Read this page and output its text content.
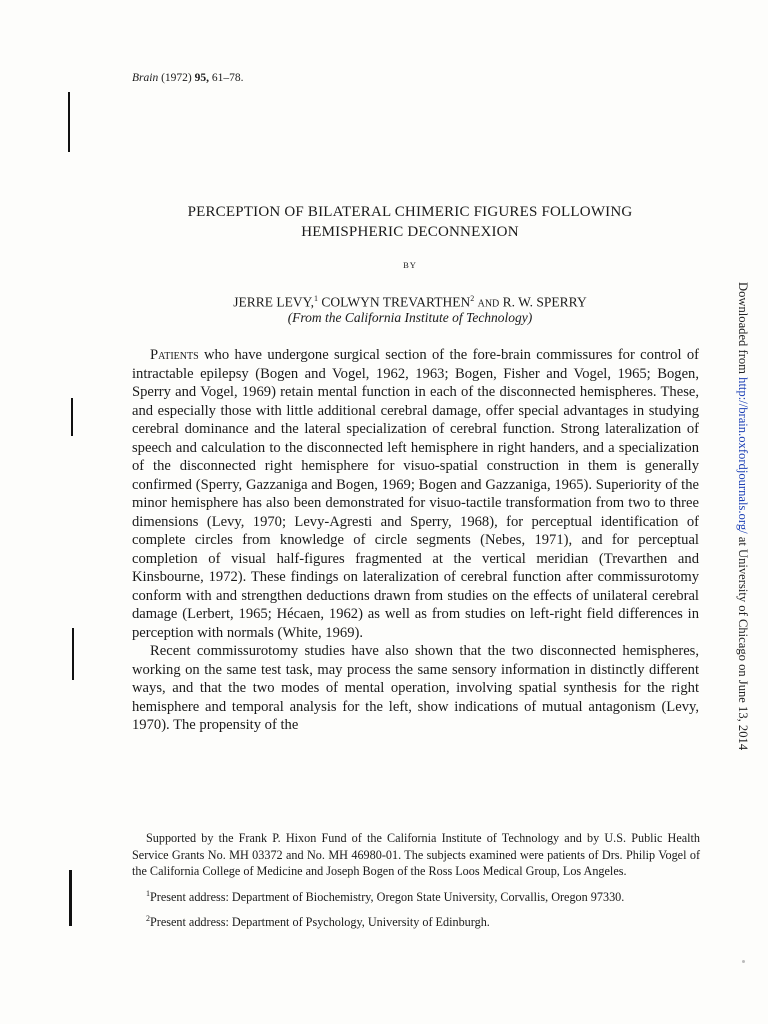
Brain (1972) 95, 61–78.
PERCEPTION OF BILATERAL CHIMERIC FIGURES FOLLOWING
HEMISPHERIC DECONNEXION
BY
JERRE LEVY,$^1$ COLWYN TREVARTHEN$^2$ AND R. W. SPERRY
(From the California Institute of Technology)

Patients who have undergone surgical section of the fore-brain commissures for control of intractable epilepsy (Bogen and Vogel, 1962, 1963; Bogen, Fisher and Vogel, 1965; Bogen, Sperry and Vogel, 1969) retain mental function in each of the disconnected hemispheres. These, and especially those with little additional cerebral damage, offer special advantages in studying cerebral dominance and the lateral specialization of cerebral function. Strong lateralization of speech and calculation to the disconnected left hemisphere in right handers, and a specialization of the disconnected right hemisphere for visuo-spatial construction in them is generally confirmed (Sperry, Gazzaniga and Bogen, 1969; Bogen and Gazzaniga, 1965). Superiority of the minor hemisphere has also been demonstrated for visuo-tactile transformation from two to three dimensions (Levy, 1970; Levy-Agresti and Sperry, 1968), for perceptual identification of complete circles from knowledge of circle segments (Nebes, 1971), and for perceptual completion of visual half-figures fragmented at the vertical meridian (Trevarthen and Kinsbourne, 1972). These findings on lateralization of cerebral function after commissurotomy conform with and strengthen deductions drawn from studies on the effects of unilateral cerebral damage (Lerbert, 1965; Hécaen, 1962) as well as from studies on left-right field differences in perception with normals (White, 1969).

Recent commissurotomy studies have also shown that the two disconnected hemispheres, working on the same test task, may process the same sensory information in distinctly different ways, and that the two modes of mental operation, involving spatial synthesis for the right hemisphere and temporal analysis for the left, show indications of mutual antagonism (Levy, 1970). The propensity of the

Supported by the Frank P. Hixon Fund of the California Institute of Technology and by U.S. Public Health Service Grants No. MH 03372 and No. MH 46980-01. The subjects examined were patients of Drs. Philip Vogel of the California College of Medicine and Joseph Bogen of the Ross Loos Medical Group, Los Angeles.

$^1$Present address: Department of Biochemistry, Oregon State University, Corvallis, Oregon 97330.

$^2$Present address: Department of Psychology, University of Edinburgh.

Downloaded from http://brain.oxfordjournals.org/ at University of Chicago on June 13, 2014
